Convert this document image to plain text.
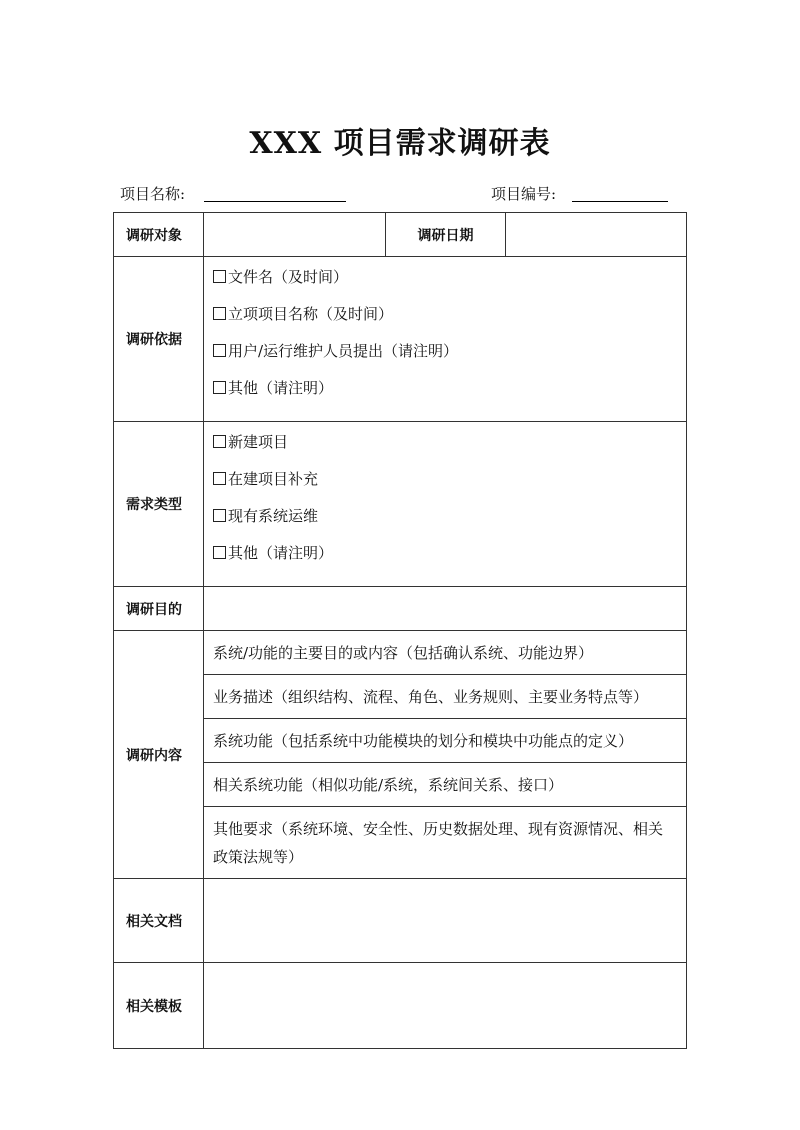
XXX 项目需求调研表
项目名称:	项目编号:
调研对象		调研日期	
调研依据	文件名（及时间）
立项项目名称（及时间）
用户/运行维护人员提出（请注明）
其他（请注明）		

需求类型	新建项目
在建项目补充
现有系统运维
其他（请注明）		

调研目的			
调研内容	系统/功能的主要目的或内容（包括确认系统、功能边界）		
	业务描述（组织结构、流程、角色、业务规则、主要业务特点等）		
	系统功能（包括系统中功能模块的划分和模块中功能点的定义）		
	相关系统功能（相似功能/系统，系统间关系、接口）		
	其他要求（系统环境、安全性、历史数据处理、现有资源情况、相关政策法规等）		
相关文档			
相关模板			
